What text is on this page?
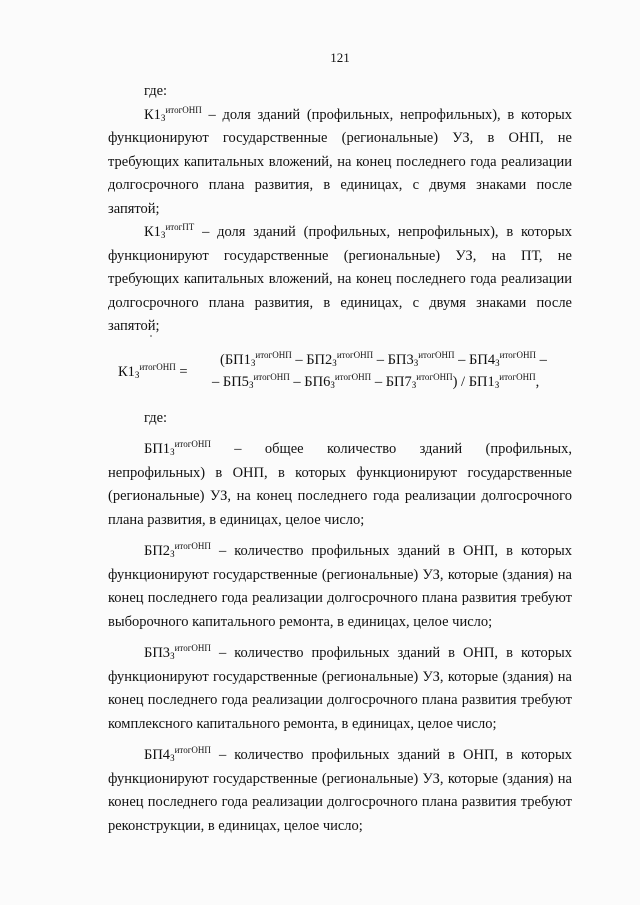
121

где:

$К1_З^{итогОНП}$ – доля зданий (профильных, непрофильных), в которых функционируют государственные (региональные) УЗ, в ОНП, не требующих капитальных вложений, на конец последнего года реализации долгосрочного плана развития, в единицах, с двумя знаками после запятой;

$К1_З^{итогПТ}$ – доля зданий (профильных, непрофильных), в которых функционируют государственные (региональные) УЗ, на ПТ, не требующих капитальных вложений, на конец последнего года реализации долгосрочного плана развития, в единицах, с двумя знаками после запятой;

$К1_З^{итогОНП}$ =
($БП1_З^{итогОНП} - БП2_З^{итогОНП} - БП3_З^{итогОНП} - БП4_З^{итогОНП}$ –
– $БП5_З^{итогОНП} - БП6_З^{итогОНП} - БП7_З^{итогОНП}) / БП1_З^{итогОНП}$,

где:

$БП1_З^{итогОНП}$ – общее количество зданий (профильных, непрофильных) в ОНП, в которых функционируют государственные (региональные) УЗ, на конец последнего года реализации долгосрочного плана развития, в единицах, целое число;

$БП2_З^{итогОНП}$ – количество профильных зданий в ОНП, в которых функционируют государственные (региональные) УЗ, которые (здания) на конец последнего года реализации долгосрочного плана развития требуют выборочного капитального ремонта, в единицах, целое число;

$БП3_З^{итогОНП}$ – количество профильных зданий в ОНП, в которых функционируют государственные (региональные) УЗ, которые (здания) на конец последнего года реализации долгосрочного плана развития требуют комплексного капитального ремонта, в единицах, целое число;

$БП4_З^{итогОНП}$ – количество профильных зданий в ОНП, в которых функционируют государственные (региональные) УЗ, которые (здания) на конец последнего года реализации долгосрочного плана развития требуют реконструкции, в единицах, целое число;
